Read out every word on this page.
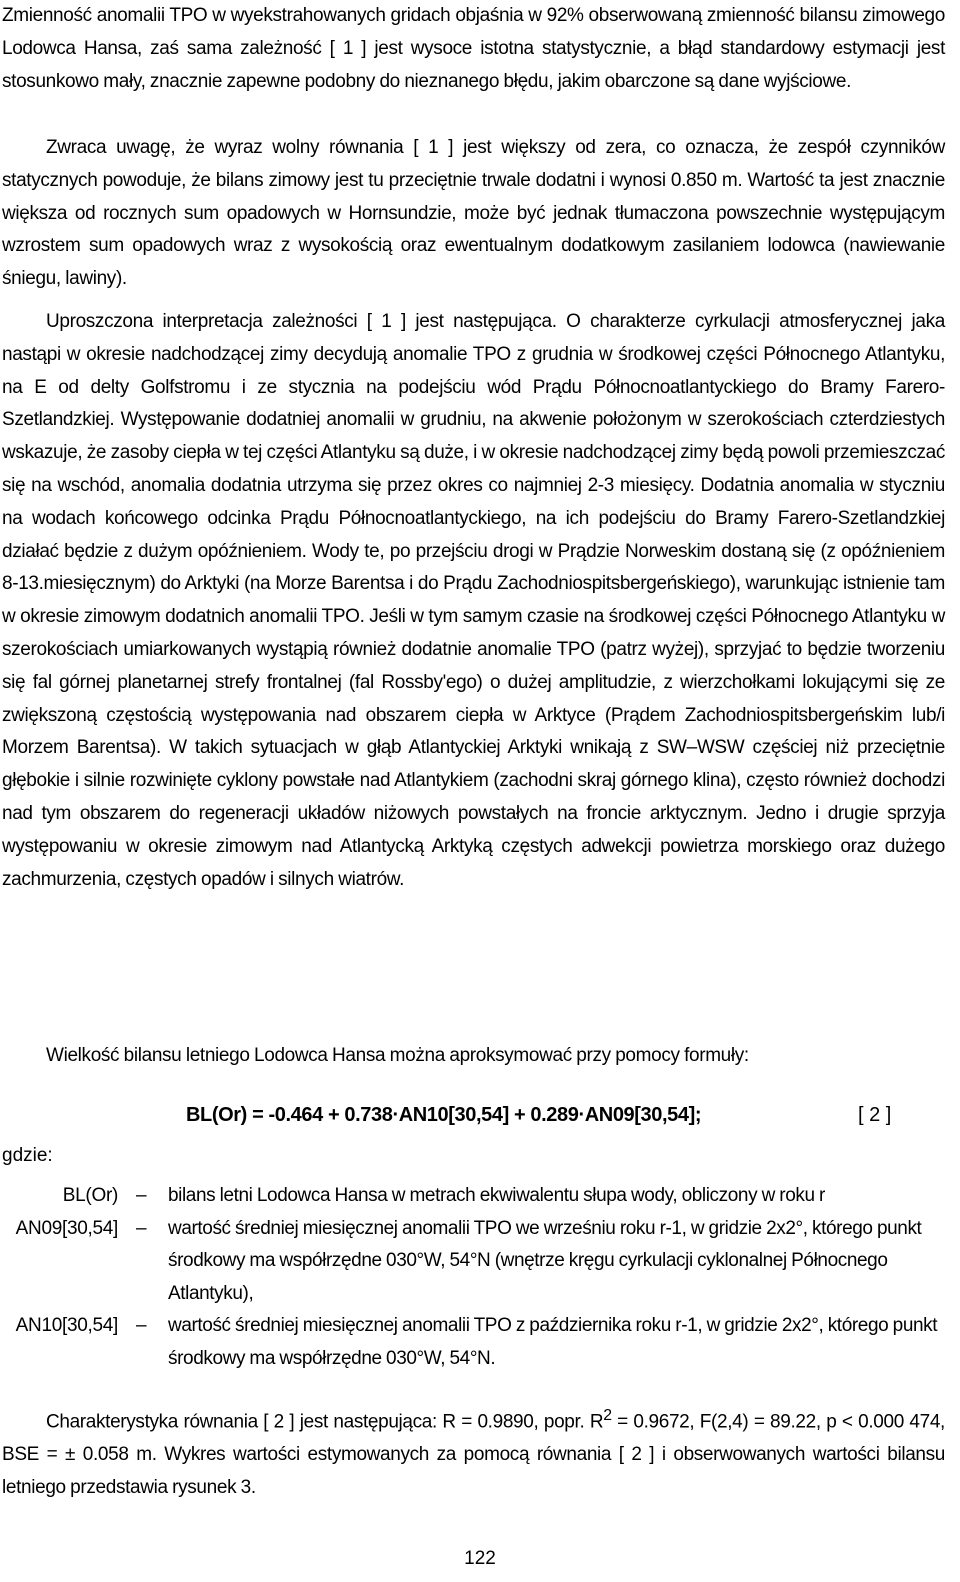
Zmienność anomalii TPO w wyekstrahowanych gridach objaśnia w 92% obserwowaną zmienność bilansu zimowego Lodowca Hansa, zaś sama zależność [ 1 ] jest wysoce istotna statystycznie, a błąd standardowy estymacji jest stosunkowo mały, znacznie zapewne podobny do nieznanego błędu, jakim obarczone są dane wyjściowe.

Zwraca uwagę, że wyraz wolny równania [ 1 ] jest większy od zera, co oznacza, że zespół czynników statycznych powoduje, że bilans zimowy jest tu przeciętnie trwale dodatni i wynosi 0.850 m. Wartość ta jest znacznie większa od rocznych sum opadowych w Hornsundzie, może być jednak tłumaczona powszechnie występującym wzrostem sum opadowych wraz z wysokością oraz ewentualnym dodatkowym zasilaniem lodowca (nawiewanie śniegu, lawiny).

Uproszczona interpretacja zależności [ 1 ] jest następująca. O charakterze cyrkulacji atmosferycznej jaka nastąpi w okresie nadchodzącej zimy decydują anomalie TPO z grudnia w środkowej części Północnego Atlantyku, na E od delty Golfstromu i ze stycznia na podejściu wód Prądu Północnoatlantyckiego do Bramy Farero-Szetlandzkiej. Występowanie dodatniej anomalii w grudniu, na akwenie położonym w szerokościach czterdziestych wskazuje, że zasoby ciepła w tej części Atlantyku są duże, i w okresie nadchodzącej zimy będą powoli przemieszczać się na wschód, anomalia dodatnia utrzyma się przez okres co najmniej 2-3 miesięcy. Dodatnia anomalia w styczniu na wodach końcowego odcinka Prądu Północnoatlantyckiego, na ich podejściu do Bramy Farero-Szetlandzkiej działać będzie z dużym opóźnieniem. Wody te, po przejściu drogi w Prądzie Norweskim dostaną się (z opóźnieniem 8-13.miesięcznym) do Arktyki (na Morze Barentsa i do Prądu Zachodniospitsbergeńskiego), warunkując istnienie tam w okresie zimowym dodatnich anomalii TPO. Jeśli w tym samym czasie na środkowej części Północnego Atlantyku w szerokościach umiarkowanych wystąpią również dodatnie anomalie TPO (patrz wyżej), sprzyjać to będzie tworzeniu się fal górnej planetarnej strefy frontalnej (fal Rossby'ego) o dużej amplitudzie, z wierzchołkami lokującymi się ze zwiększoną częstością występowania nad obszarem ciepła w Arktyce (Prądem Zachodniospitsbergeńskim lub/i Morzem Barentsa). W takich sytuacjach w głąb Atlantyckiej Arktyki wnikają z SW–WSW częściej niż przeciętnie głębokie i silnie rozwinięte cyklony powstałe nad Atlantykiem (zachodni skraj górnego klina), często również dochodzi nad tym obszarem do regeneracji układów niżowych powstałych na froncie arktycznym. Jedno i drugie sprzyja występowaniu w okresie zimowym nad Atlantycką Arktyką częstych adwekcji powietrza morskiego oraz dużego zachmurzenia, częstych opadów i silnych wiatrów.

Wielkość bilansu letniego Lodowca Hansa można aproksymować przy pomocy formuły:

BL(Or) = -0.464 + 0.738·AN10[30,54] + 0.289·AN09[30,54];	[ 2 ]
gdzie:
BL(Or) – bilans letni Lodowca Hansa w metrach ekwiwalentu słupa wody, obliczony w roku r
AN09[30,54] – wartość średniej miesięcznej anomalii TPO we wrześniu roku r-1, w gridzie 2x2°, którego punkt środkowy ma współrzędne 030°W, 54°N (wnętrze kręgu cyrkulacji cyklonalnej Północnego Atlantyku),
AN10[30,54] – wartość średniej miesięcznej anomalii TPO z października roku r-1, w gridzie 2x2°, którego punkt środkowy ma współrzędne 030°W, 54°N.

Charakterystyka równania [ 2 ] jest następująca: R = 0.9890, popr. $R^2 = 0.9672$, F(2,4) = 89.22, p < 0.000 474, BSE = ± 0.058 m. Wykres wartości estymowanych za pomocą równania [ 2 ] i obserwowanych wartości bilansu letniego przedstawia rysunek 3.

122
